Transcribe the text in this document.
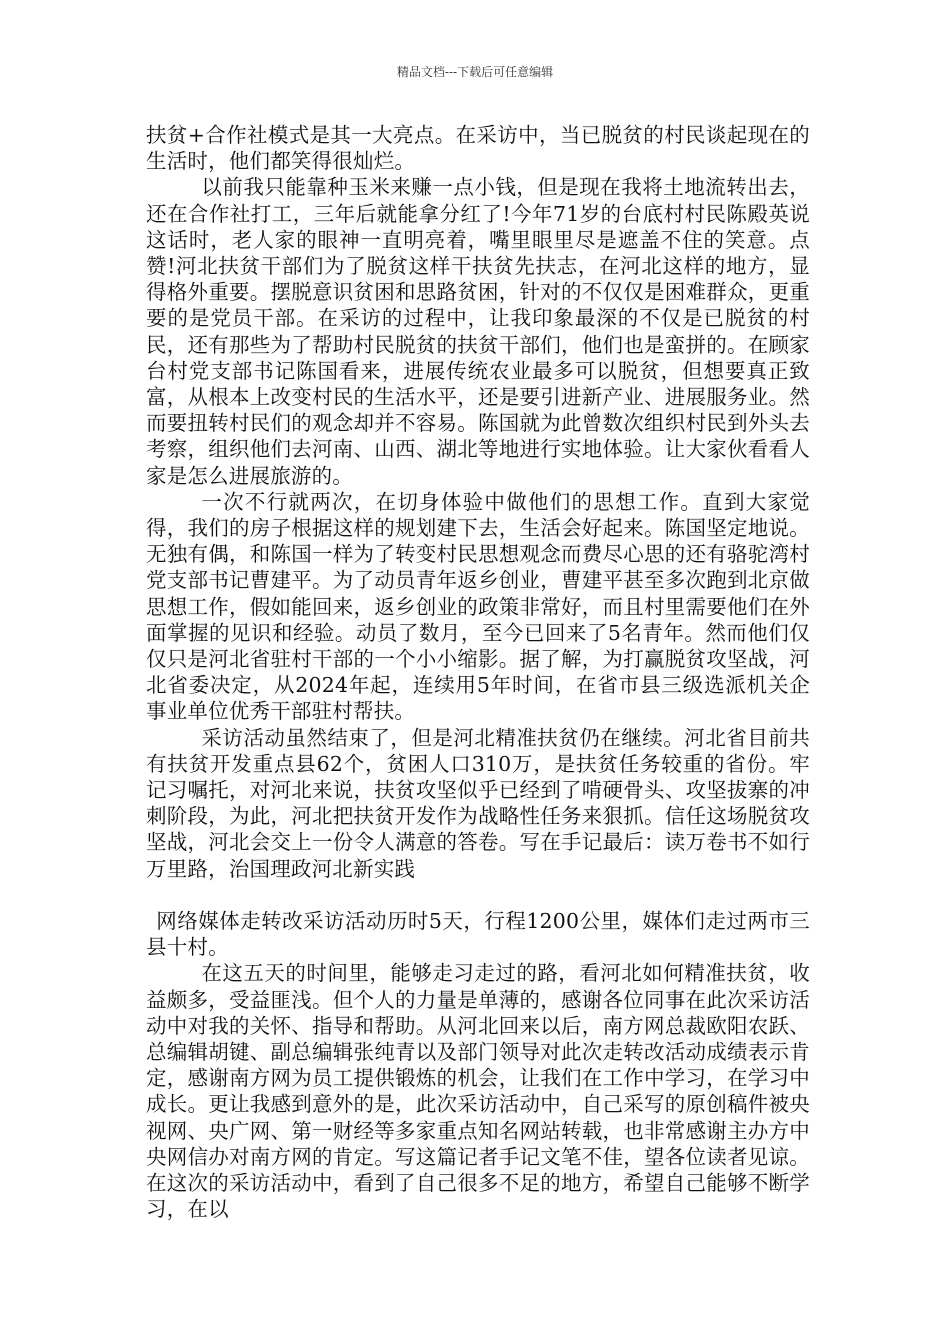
精品文档---下载后可任意编辑

扶贫+合作社模式是其一大亮点。在采访中，当已脱贫的村民谈起现在的生活时，他们都笑得很灿烂。

以前我只能靠种玉米来赚一点小钱，但是现在我将土地流转出去，还在合作社打工，三年后就能拿分红了!今年71岁的台底村村民陈殿英说这话时，老人家的眼神一直明亮着，嘴里眼里尽是遮盖不住的笑意。点赞!河北扶贫干部们为了脱贫这样干扶贫先扶志，在河北这样的地方，显得格外重要。摆脱意识贫困和思路贫困，针对的不仅仅是困难群众，更重要的是党员干部。在采访的过程中，让我印象最深的不仅是已脱贫的村民，还有那些为了帮助村民脱贫的扶贫干部们，他们也是蛮拼的。在顾家台村党支部书记陈国看来，进展传统农业最多可以脱贫，但想要真正致富，从根本上改变村民的生活水平，还是要引进新产业、进展服务业。然而要扭转村民们的观念却并不容易。陈国就为此曾数次组织村民到外头去考察，组织他们去河南、山西、湖北等地进行实地体验。让大家伙看看人家是怎么进展旅游的。

一次不行就两次，在切身体验中做他们的思想工作。直到大家觉得，我们的房子根据这样的规划建下去，生活会好起来。陈国坚定地说。无独有偶，和陈国一样为了转变村民思想观念而费尽心思的还有骆驼湾村党支部书记曹建平。为了动员青年返乡创业，曹建平甚至多次跑到北京做思想工作，假如能回来，返乡创业的政策非常好，而且村里需要他们在外面掌握的见识和经验。动员了数月，至今已回来了5名青年。然而他们仅仅只是河北省驻村干部的一个小小缩影。据了解，为打赢脱贫攻坚战，河北省委决定，从2024年起，连续用5年时间，在省市县三级选派机关企事业单位优秀干部驻村帮扶。

采访活动虽然结束了，但是河北精准扶贫仍在继续。河北省目前共有扶贫开发重点县62个，贫困人口310万，是扶贫任务较重的省份。牢记习嘱托，对河北来说，扶贫攻坚似乎已经到了啃硬骨头、攻坚拔寨的冲刺阶段，为此，河北把扶贫开发作为战略性任务来狠抓。信任这场脱贫攻坚战，河北会交上一份令人满意的答卷。写在手记最后：读万卷书不如行万里路，治国理政河北新实践

网络媒体走转改采访活动历时5天，行程1200公里，媒体们走过两市三县十村。

在这五天的时间里，能够走习走过的路，看河北如何精准扶贫，收益颇多，受益匪浅。但个人的力量是单薄的，感谢各位同事在此次采访活动中对我的关怀、指导和帮助。从河北回来以后，南方网总裁欧阳农跃、总编辑胡键、副总编辑张纯青以及部门领导对此次走转改活动成绩表示肯定，感谢南方网为员工提供锻炼的机会，让我们在工作中学习，在学习中成长。更让我感到意外的是，此次采访活动中，自己采写的原创稿件被央视网、央广网、第一财经等多家重点知名网站转载，也非常感谢主办方中央网信办对南方网的肯定。写这篇记者手记文笔不佳，望各位读者见谅。在这次的采访活动中，看到了自己很多不足的地方，希望自己能够不断学习，在以
